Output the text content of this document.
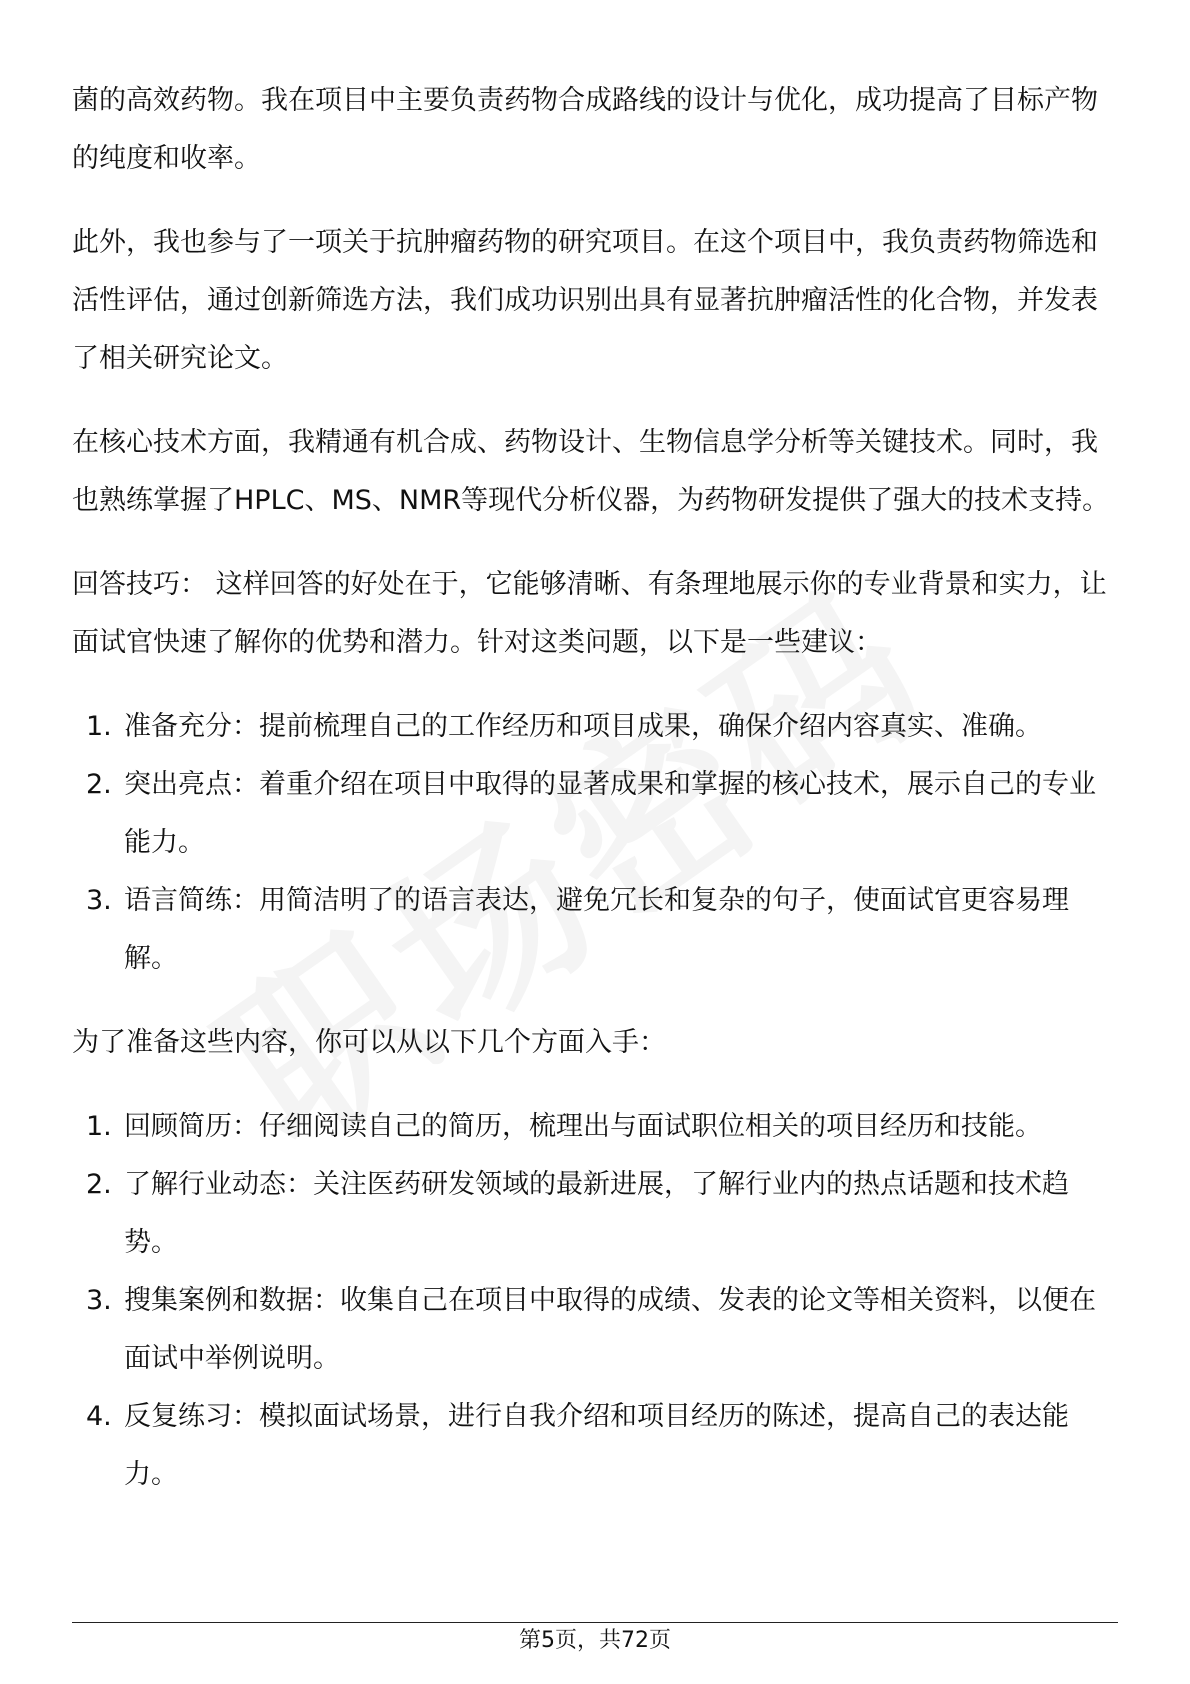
菌的高效药物。我在项目中主要负责药物合成路线的设计与优化，成功提高了目标产物的纯度和收率。

此外，我也参与了一项关于抗肿瘤药物的研究项目。在这个项目中，我负责药物筛选和活性评估，通过创新筛选方法，我们成功识别出具有显著抗肿瘤活性的化合物，并发表了相关研究论文。

在核心技术方面，我精通有机合成、药物设计、生物信息学分析等关键技术。同时，我也熟练掌握了HPLC、MS、NMR等现代分析仪器，为药物研发提供了强大的技术支持。

回答技巧： 这样回答的好处在于，它能够清晰、有条理地展示你的专业背景和实力，让面试官快速了解你的优势和潜力。针对这类问题，以下是一些建议：

1. 准备充分：提前梳理自己的工作经历和项目成果，确保介绍内容真实、准确。
2. 突出亮点：着重介绍在项目中取得的显著成果和掌握的核心技术，展示自己的专业能力。
3. 语言简练：用简洁明了的语言表达，避免冗长和复杂的句子，使面试官更容易理解。

为了准备这些内容，你可以从以下几个方面入手：

1. 回顾简历：仔细阅读自己的简历，梳理出与面试职位相关的项目经历和技能。
2. 了解行业动态：关注医药研发领域的最新进展，了解行业内的热点话题和技术趋势。
3. 搜集案例和数据：收集自己在项目中取得的成绩、发表的论文等相关资料，以便在面试中举例说明。
4. 反复练习：模拟面试场景，进行自我介绍和项目经历的陈述，提高自己的表达能力。
第5页，共72页
